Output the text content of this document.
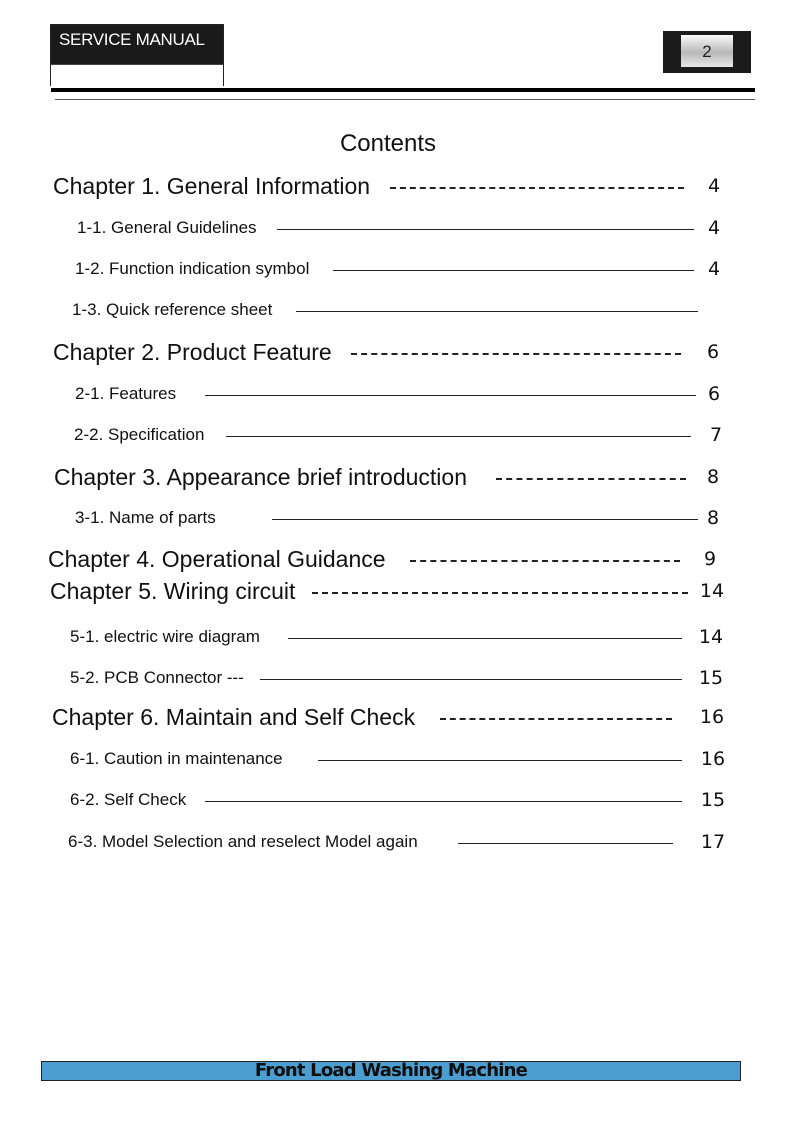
SERVICE MANUAL
2
Contents
Chapter 1. General Information	4
1-1. General Guidelines	4
1-2. Function indication symbol	4
1-3. Quick reference sheet
Chapter 2. Product Feature	6
2-1. Features	6
2-2. Specification	7
Chapter 3. Appearance brief introduction	8
3-1. Name of parts	8
Chapter 4. Operational Guidance	9
Chapter 5. Wiring circuit	14
5-1. electric wire diagram	14
5-2. PCB Connector ---	15
Chapter 6. Maintain and Self Check	16
6-1. Caution in maintenance	16
6-2. Self Check	15
6-3. Model Selection and reselect Model again	17
Front Load Washing Machine
